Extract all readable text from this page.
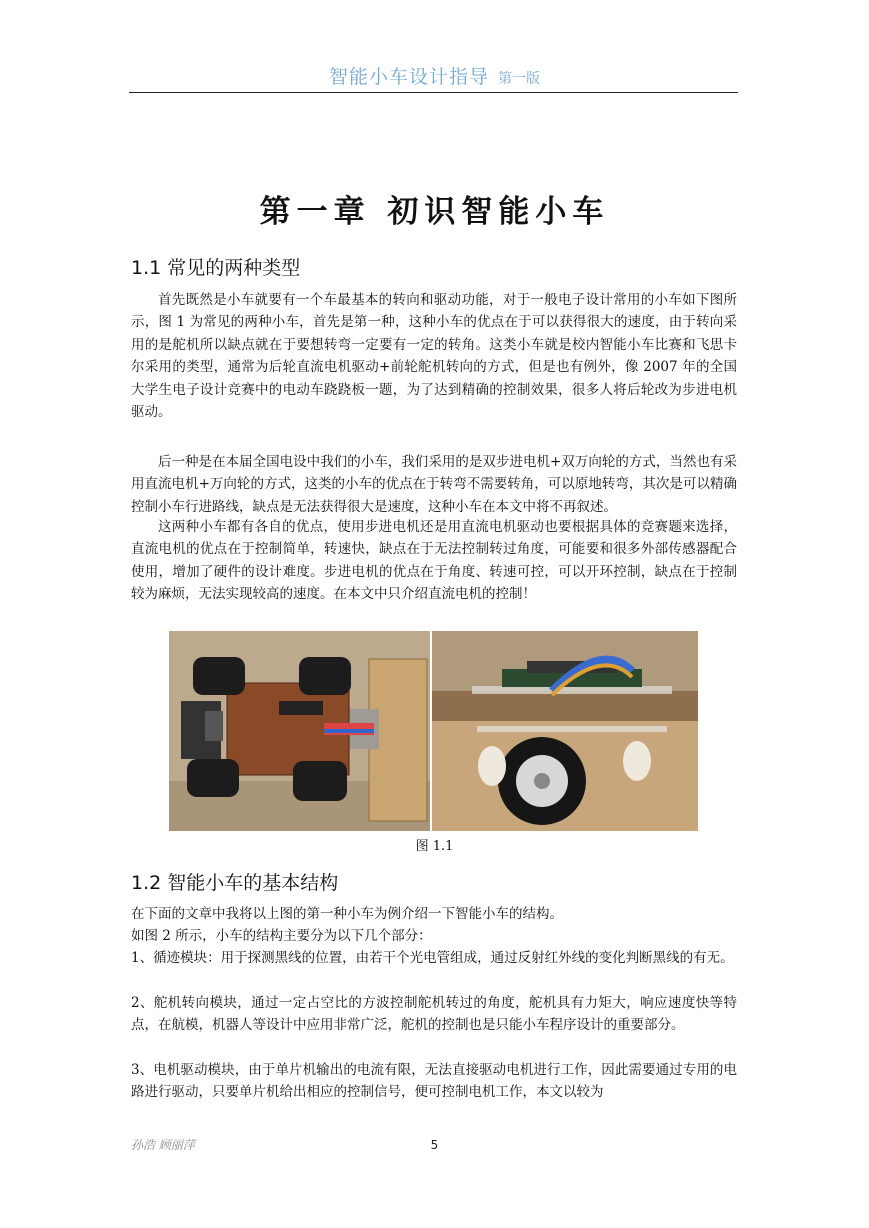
智能小车设计指导 第一版
第一章 初识智能小车
1.1 常见的两种类型
首先既然是小车就要有一个车最基本的转向和驱动功能，对于一般电子设计常用的小车如下图所示，图 1 为常见的两种小车，首先是第一种，这种小车的优点在于可以获得很大的速度，由于转向采用的是舵机所以缺点就在于要想转弯一定要有一定的转角。这类小车就是校内智能小车比赛和飞思卡尔采用的类型，通常为后轮直流电机驱动+前轮舵机转向的方式，但是也有例外，像 2007 年的全国大学生电子设计竞赛中的电动车跷跷板一题，为了达到精确的控制效果，很多人将后轮改为步进电机驱动。
后一种是在本届全国电设中我们的小车，我们采用的是双步进电机+双万向轮的方式，当然也有采用直流电机+万向轮的方式，这类的小车的优点在于转弯不需要转角，可以原地转弯，其次是可以精确控制小车行进路线，缺点是无法获得很大是速度，这种小车在本文中将不再叙述。
这两种小车都有各自的优点，使用步进电机还是用直流电机驱动也要根据具体的竞赛题来选择，直流电机的优点在于控制简单，转速快，缺点在于无法控制转过角度，可能要和很多外部传感器配合使用，增加了硬件的设计难度。步进电机的优点在于角度、转速可控，可以开环控制，缺点在于控制较为麻烦，无法实现较高的速度。在本文中只介绍直流电机的控制！
图 1.1
1.2 智能小车的基本结构
在下面的文章中我将以上图的第一种小车为例介绍一下智能小车的结构。
如图 2 所示，小车的结构主要分为以下几个部分：
1、循迹模块：用于探测黑线的位置，由若干个光电管组成，通过反射红外线的变化判断黑线的有无。
2、舵机转向模块，通过一定占空比的方波控制舵机转过的角度，舵机具有力矩大，响应速度快等特点，在航模，机器人等设计中应用非常广泛，舵机的控制也是只能小车程序设计的重要部分。
3、电机驱动模块，由于单片机输出的电流有限，无法直接驱动电机进行工作，因此需要通过专用的电路进行驱动，只要单片机给出相应的控制信号，便可控制电机工作，本文以较为
孙浩 顾丽萍	5
